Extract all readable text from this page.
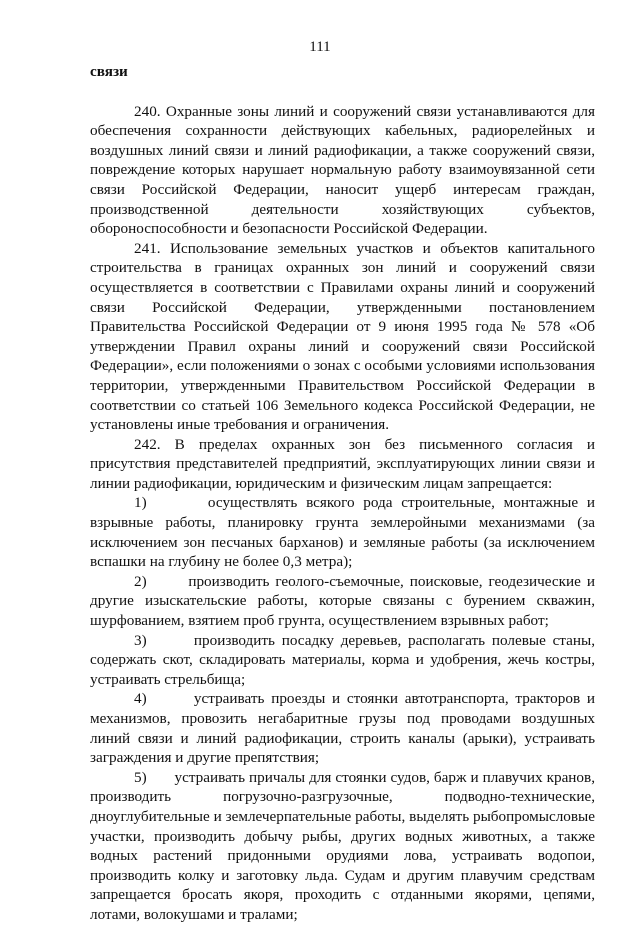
111

связи

240. Охранные зоны линий и сооружений связи устанавливаются для обеспечения сохранности действующих кабельных, радиорелейных и воздушных линий связи и линий радиофикации, а также сооружений связи, повреждение которых нарушает нормальную работу взаимоувязанной сети связи Российской Федерации, наносит ущерб интересам граждан, производственной деятельности хозяйствующих субъектов, обороноспособности и безопасности Российской Федерации.

241. Использование земельных участков и объектов капитального строительства в границах охранных зон линий и сооружений связи осуществляется в соответствии с Правилами охраны линий и сооружений связи Российской Федерации, утвержденными постановлением Правительства Российской Федерации от 9 июня 1995 года № 578 «Об утверждении Правил охраны линий и сооружений связи Российской Федерации», если положениями о зонах с особыми условиями использования территории, утвержденными Правительством Российской Федерации в соответствии со статьей 106 Земельного кодекса Российской Федерации, не установлены иные требования и ограничения.

242. В пределах охранных зон без письменного согласия и присутствия представителей предприятий, эксплуатирующих линии связи и линии радиофикации, юридическим и физическим лицам запрещается:

1)       осуществлять всякого рода строительные, монтажные и взрывные работы, планировку грунта землеройными механизмами (за исключением зон песчаных барханов) и земляные работы (за исключением вспашки на глубину не более 0,3 метра);

2)       производить геолого-съемочные, поисковые, геодезические и другие изыскательские работы, которые связаны с бурением скважин, шурфованием, взятием проб грунта, осуществлением взрывных работ;

3)       производить посадку деревьев, располагать полевые станы, содержать скот, складировать материалы, корма и удобрения, жечь костры, устраивать стрельбища;

4)       устраивать проезды и стоянки автотранспорта, тракторов и механизмов, провозить негабаритные грузы под проводами воздушных линий связи и линий радиофикации, строить каналы (арыки), устраивать заграждения и другие препятствия;

5)       устраивать причалы для стоянки судов, барж и плавучих кранов, производить погрузочно-разгрузочные, подводно-технические, дноуглубительные и землечерпательные работы, выделять рыбопромысловые участки, производить добычу рыбы, других водных животных, а также водных растений придонными орудиями лова, устраивать водопои, производить колку и заготовку льда. Судам и другим плавучим средствам запрещается бросать якоря, проходить с отданными якорями, цепями, лотами, волокушами и тралами;
